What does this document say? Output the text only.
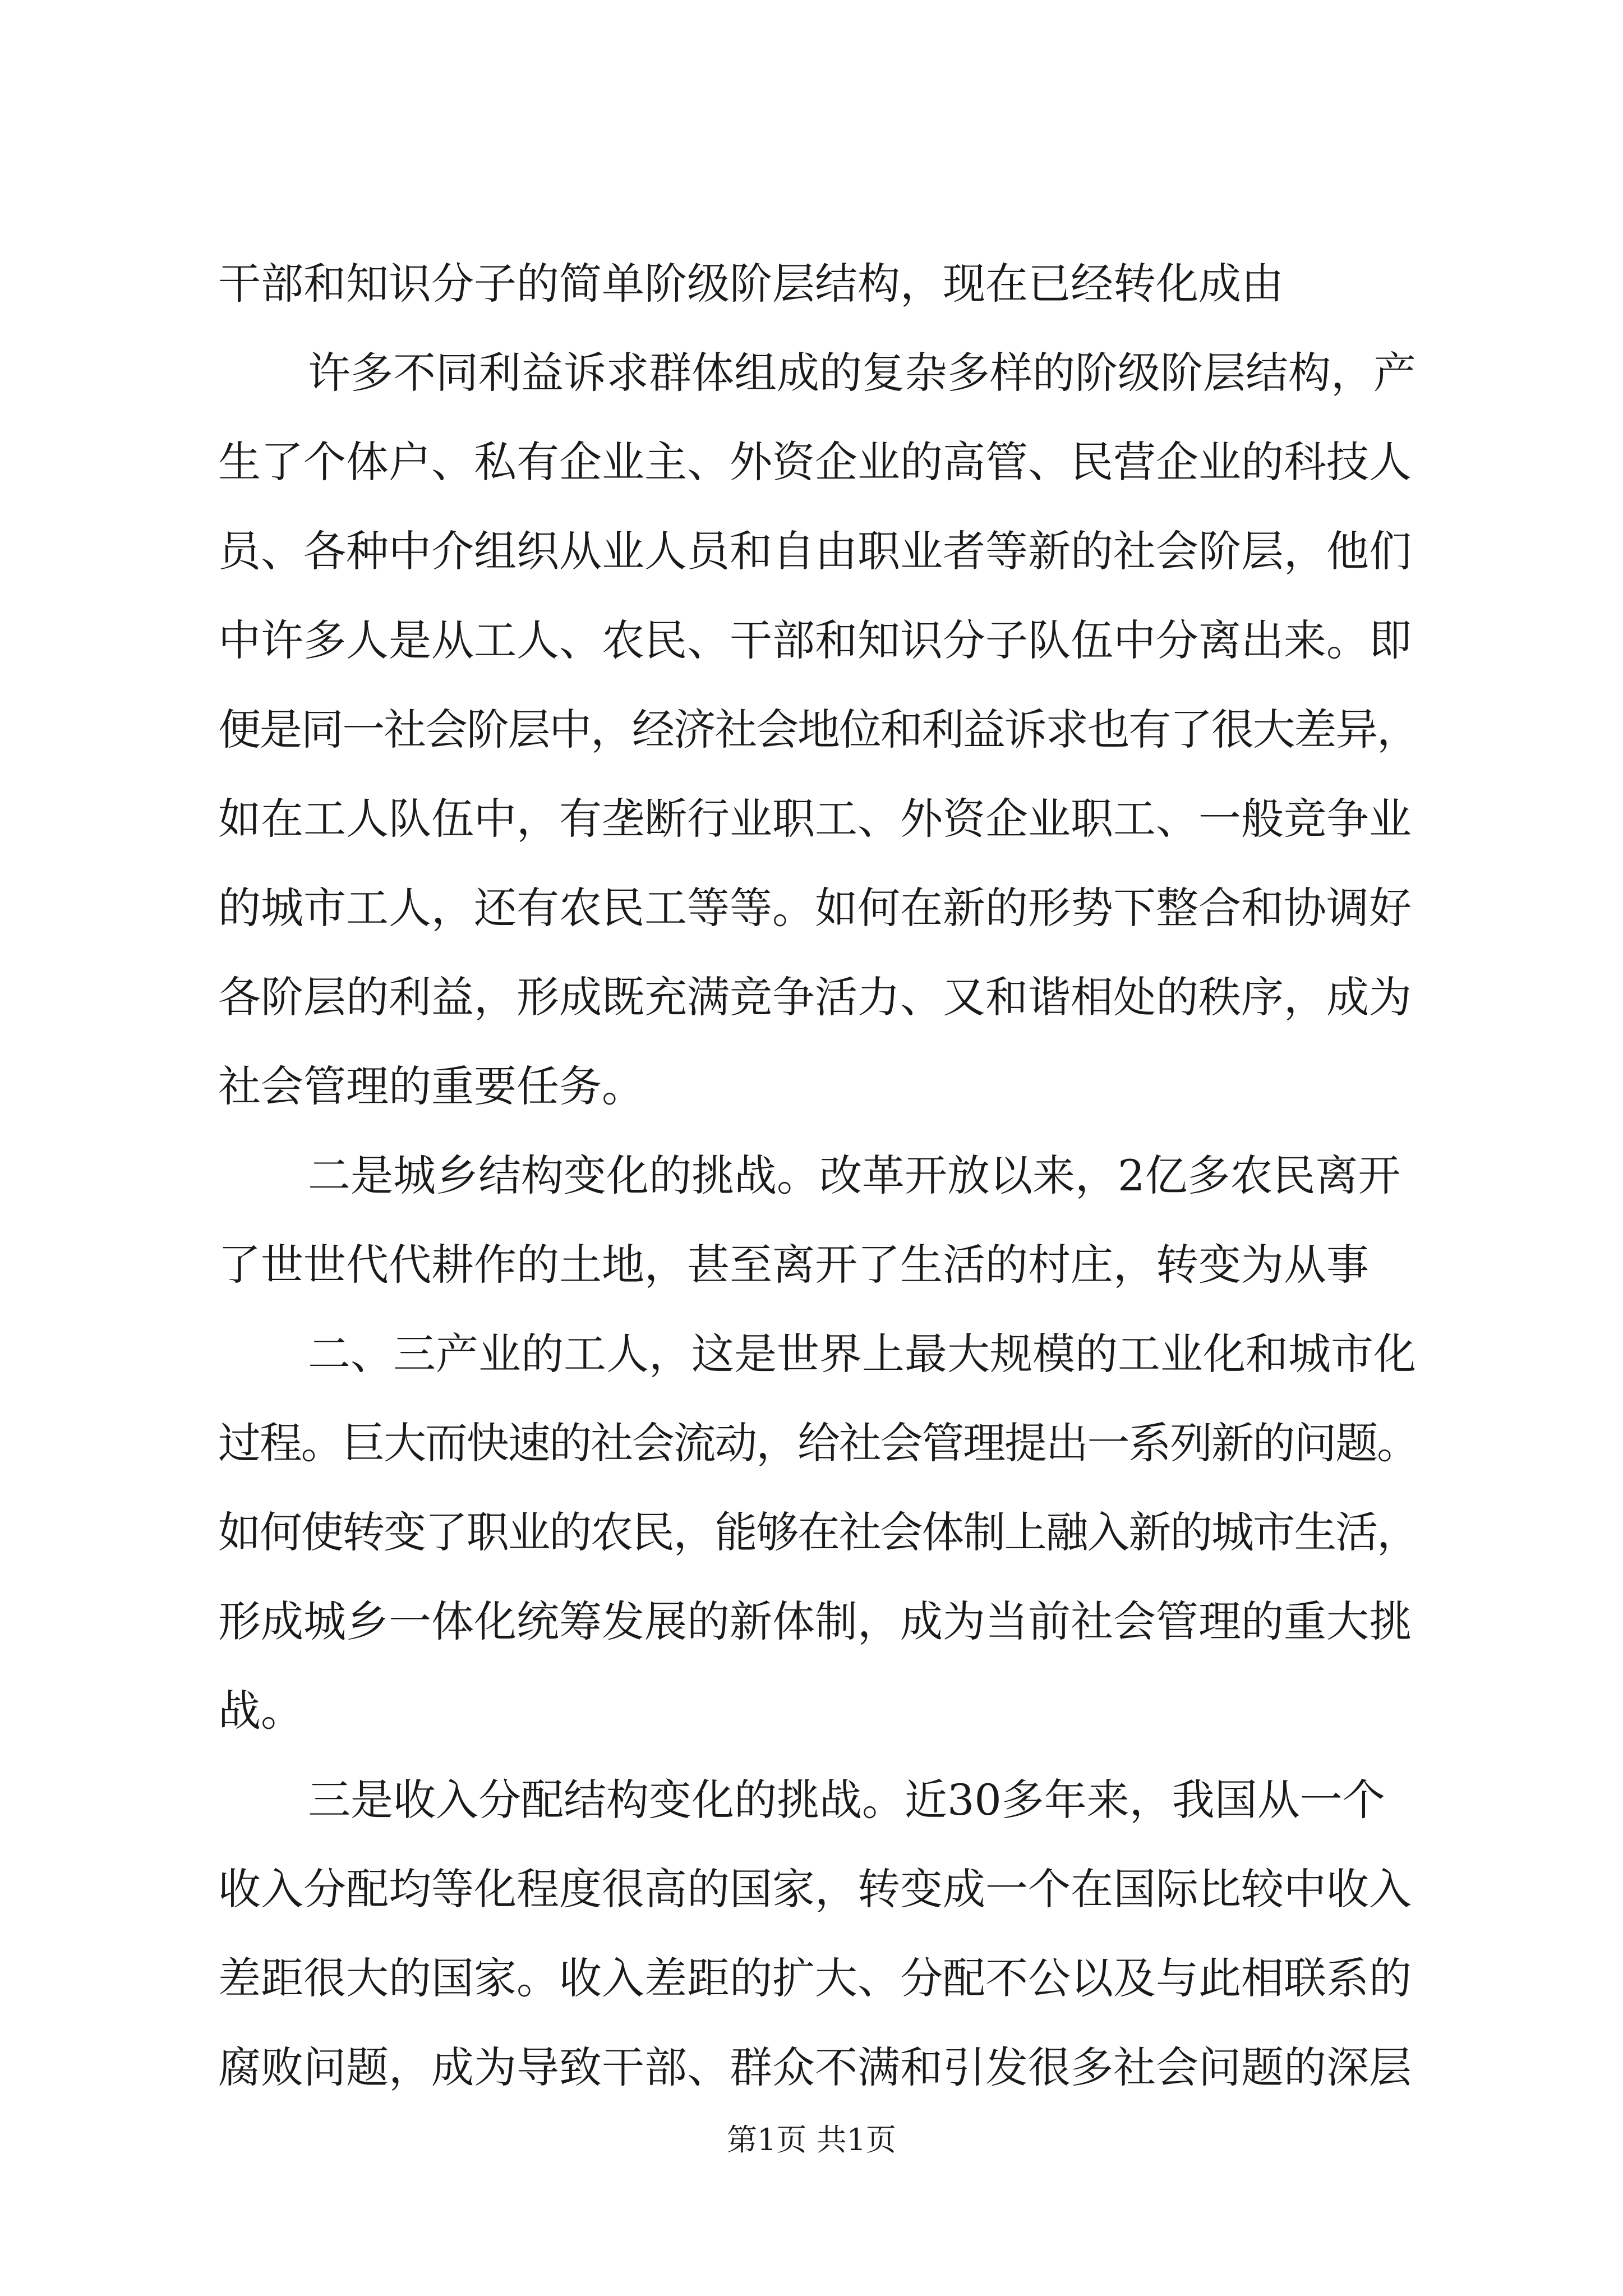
干部和知识分子的简单阶级阶层结构，现在已经转化成由
许多不同利益诉求群体组成的复杂多样的阶级阶层结构，产
生了个体户、私有企业主、外资企业的高管、民营企业的科技人
员、各种中介组织从业人员和自由职业者等新的社会阶层，他们
中许多人是从工人、农民、干部和知识分子队伍中分离出来。即
便是同一社会阶层中，经济社会地位和利益诉求也有了很大差异，
如在工人队伍中，有垄断行业职工、外资企业职工、一般竞争业
的城市工人，还有农民工等等。如何在新的形势下整合和协调好
各阶层的利益，形成既充满竞争活力、又和谐相处的秩序，成为
社会管理的重要任务。
二是城乡结构变化的挑战。改革开放以来，2亿多农民离开
了世世代代耕作的土地，甚至离开了生活的村庄，转变为从事
二、三产业的工人，这是世界上最大规模的工业化和城市化
过程。巨大而快速的社会流动，给社会管理提出一系列新的问题。
如何使转变了职业的农民，能够在社会体制上融入新的城市生活，
形成城乡一体化统筹发展的新体制，成为当前社会管理的重大挑
战。
三是收入分配结构变化的挑战。近30多年来，我国从一个
收入分配均等化程度很高的国家，转变成一个在国际比较中收入
差距很大的国家。收入差距的扩大、分配不公以及与此相联系的
腐败问题，成为导致干部、群众不满和引发很多社会问题的深层
第1页 共1页
